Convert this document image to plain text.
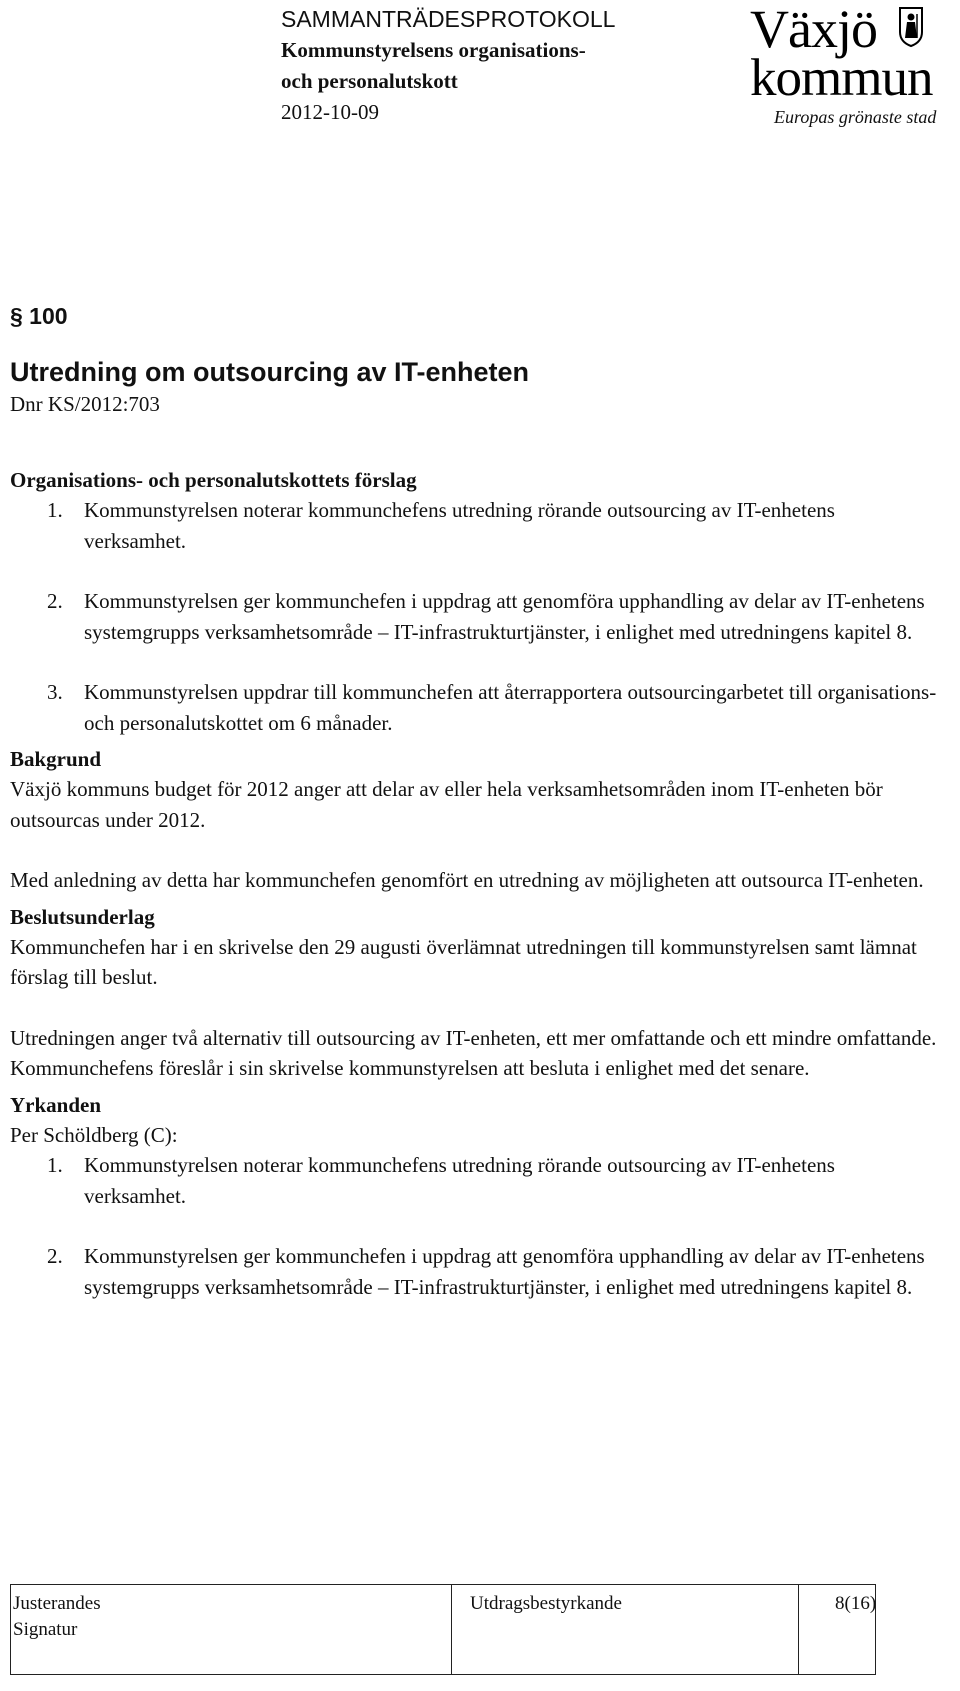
SAMMANTRÄDESPROTOKOLL
Kommunstyrelsens organisations-
och personalutskott
2012-10-09
Växjö
kommun
Europas grönaste stad
§ 100
Utredning om outsourcing av IT-enheten
Dnr KS/2012:703
Organisations- och personalutskottets förslag
1. Kommunstyrelsen noterar kommunchefens utredning rörande outsourcing av IT-enhetens verksamhet.
2. Kommunstyrelsen ger kommunchefen i uppdrag att genomföra upphandling av delar av IT-enhetens systemgrupps verksamhetsområde – IT-infrastrukturtjänster, i enlighet med utredningens kapitel 8.
3. Kommunstyrelsen uppdrar till kommunchefen att återrapportera outsourcingarbetet till organisations- och personalutskottet om 6 månader.
Bakgrund

Växjö kommuns budget för 2012 anger att delar av eller hela verksamhetsområden inom IT-enheten bör outsourcas under 2012.

Med anledning av detta har kommunchefen genomfört en utredning av möjligheten att outsourca IT-enheten.

Beslutsunderlag

Kommunchefen har i en skrivelse den 29 augusti överlämnat utredningen till kommunstyrelsen samt lämnat förslag till beslut.

Utredningen anger två alternativ till outsourcing av IT-enheten, ett mer omfattande och ett mindre omfattande. Kommunchefens föreslår i sin skrivelse kommunstyrelsen att besluta i enlighet med det senare.

Yrkanden

Per Schöldberg (C):

1. Kommunstyrelsen noterar kommunchefens utredning rörande outsourcing av IT-enhetens verksamhet.
2. Kommunstyrelsen ger kommunchefen i uppdrag att genomföra upphandling av delar av IT-enhetens systemgrupps verksamhetsområde – IT-infrastrukturtjänster, i enlighet med utredningens kapitel 8.
Justerandes
Signatur
Utdragsbestyrkande	8(16)
